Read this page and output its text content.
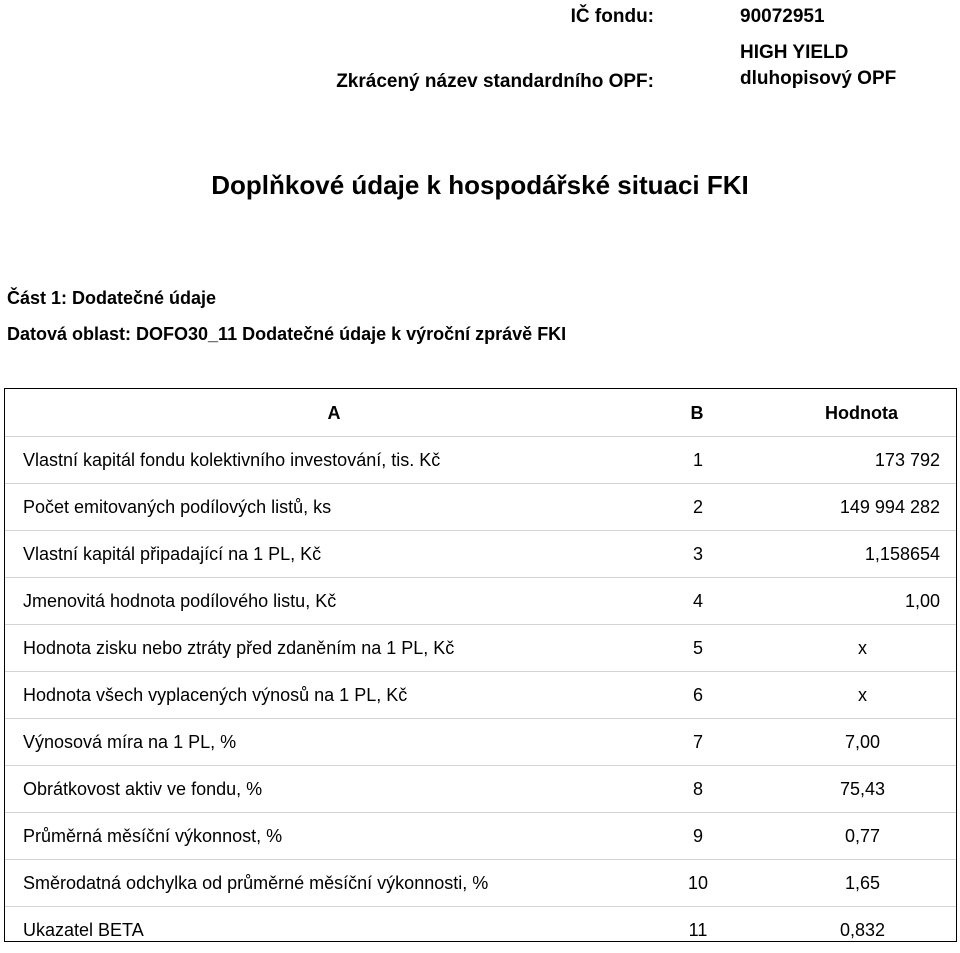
IČ fondu:	90072951
Zkrácený název standardního OPF:
HIGH YIELD
dluhopisový OPF
Doplňkové údaje k hospodářské situaci FKI
Část 1: Dodatečné údaje
Datová oblast: DOFO30_11 Dodatečné údaje k výroční zprávě FKI
A	B	Hodnota
Vlastní kapitál fondu kolektivního investování, tis. Kč	1	173 792
Počet emitovaných podílových listů, ks	2	149 994 282
Vlastní kapitál připadající na 1 PL, Kč	3	1,158654
Jmenovitá hodnota podílového listu, Kč	4	1,00
Hodnota zisku nebo ztráty před zdaněním na 1 PL, Kč	5	x
Hodnota všech vyplacených výnosů na 1 PL, Kč	6	x
Výnosová míra na 1 PL, %	7	7,00
Obrátkovost aktiv ve fondu, %	8	75,43
Průměrná měsíční výkonnost, %	9	0,77
Směrodatná odchylka od průměrné měsíční výkonnosti, %	10	1,65
Ukazatel BETA	11	0,832
